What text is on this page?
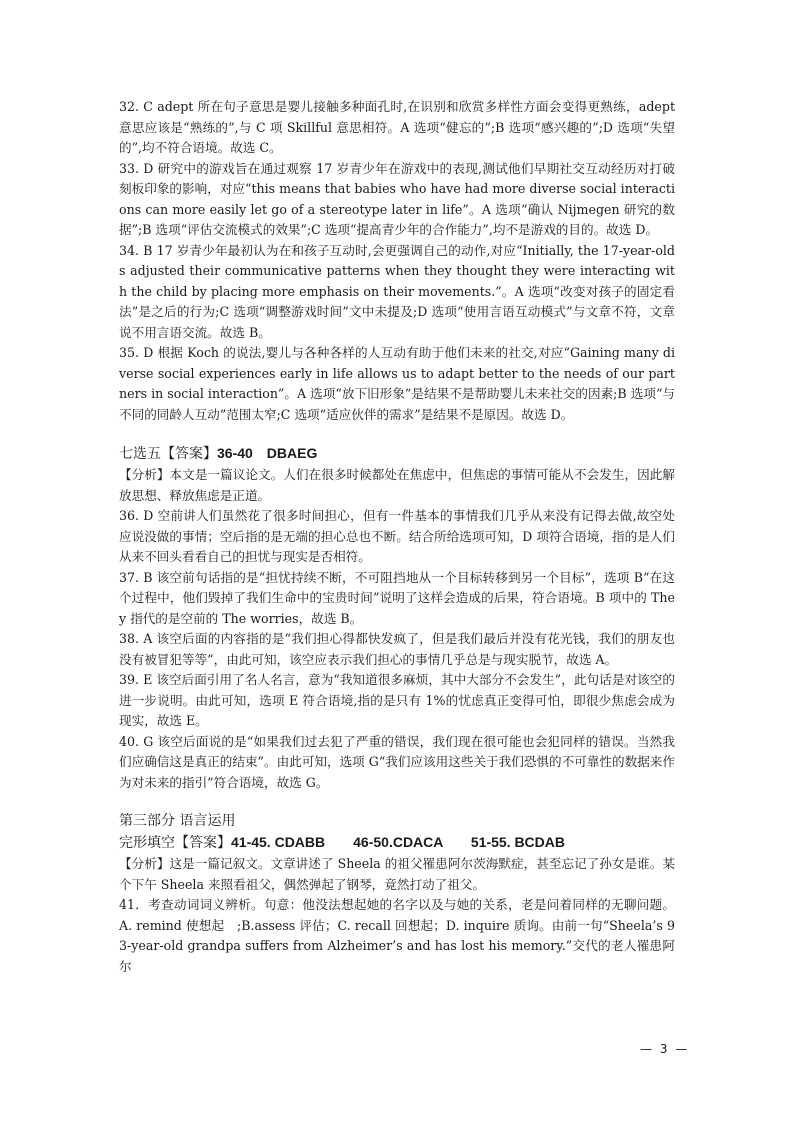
32. C adept 所在句子意思是婴儿接触多种面孔时,在识别和欣赏多样性方面会变得更熟练，adept 意思应该是“熟练的”,与 C 项 Skillful 意思相符。A 选项“健忘的”;B 选项“感兴趣的”;D 选项“失望的”,均不符合语境。故选 C。

33. D 研究中的游戏旨在通过观察 17 岁青少年在游戏中的表现,测试他们早期社交互动经历对打破刻板印象的影响，对应“this means that babies who have had more diverse social interactions can more easily let go of a stereotype later in life”。A 选项“确认 Nijmegen 研究的数据”;B 选项“评估交流模式的效果”;C 选项“提高青少年的合作能力”,均不是游戏的目的。故选 D。

34. B 17 岁青少年最初认为在和孩子互动时,会更强调自己的动作,对应“Initially, the 17-year-olds adjusted their communicative patterns when they thought they were interacting with the child by placing more emphasis on their movements.”。A 选项“改变对孩子的固定看法”是之后的行为;C 选项“调整游戏时间”文中未提及;D 选项“使用言语互动模式”与文章不符，文章说不用言语交流。故选 B。

35. D 根据 Koch 的说法,婴儿与各种各样的人互动有助于他们未来的社交,对应“Gaining many diverse social experiences early in life allows us to adapt better to the needs of our partners in social interaction”。A 选项“放下旧形象”是结果不是帮助婴儿未来社交的因素;B 选项“与不同的同龄人互动”范围太窄;C 选项“适应伙伴的需求”是结果不是原因。故选 D。

七选五【答案】36-40　DBAEG

【分析】本文是一篇议论文。人们在很多时候都处在焦虑中，但焦虑的事情可能从不会发生，因此解放思想、释放焦虑是正道。

36. D 空前讲人们虽然花了很多时间担心，但有一件基本的事情我们几乎从来没有记得去做,故空处应说没做的事情；空后指的是无端的担心总也不断。结合所给选项可知，D 项符合语境，指的是人们从来不回头看看自己的担忧与现实是否相符。

37. B 该空前句话指的是“担忧持续不断，不可阻挡地从一个目标转移到另一个目标”，选项 B“在这个过程中，他们毁掉了我们生命中的宝贵时间”说明了这样会造成的后果，符合语境。B 项中的 They 指代的是空前的 The worries，故选 B。

38. A 该空后面的内容指的是“我们担心得都快发疯了，但是我们最后并没有花光钱，我们的朋友也没有被冒犯等等”，由此可知，该空应表示我们担心的事情几乎总是与现实脱节，故选 A。

39. E 该空后面引用了名人名言，意为“我知道很多麻烦，其中大部分不会发生”，此句话是对该空的进一步说明。由此可知，选项 E 符合语境,指的是只有 1%的忧虑真正变得可怕，即很少焦虑会成为现实，故选 E。

40. G 该空后面说的是“如果我们过去犯了严重的错误，我们现在很可能也会犯同样的错误。当然我们应确信这是真正的结束”。由此可知，选项 G“我们应该用这些关于我们恐惧的不可靠性的数据来作为对未来的指引”符合语境，故选 G。

第三部分 语言运用

完形填空【答案】41-45. CDABB　　46-50.CDACA　　51-55. BCDAB

【分析】这是一篇记叙文。文章讲述了 Sheela 的祖父罹患阿尔茨海默症，甚至忘记了孙女是谁。某个下午 Sheela 来照看祖父，偶然弹起了钢琴，竟然打动了祖父。

41．考查动词词义辨析。句意：他没法想起她的名字以及与她的关系，老是问着同样的无聊问题。A. remind 使想起　;B.assess 评估；C. recall 回想起；D. inquire 质询。由前一句“Sheela’s 93-year-old grandpa suffers from Alzheimer’s and has lost his memory.”交代的老人罹患阿尔

— 3 —
